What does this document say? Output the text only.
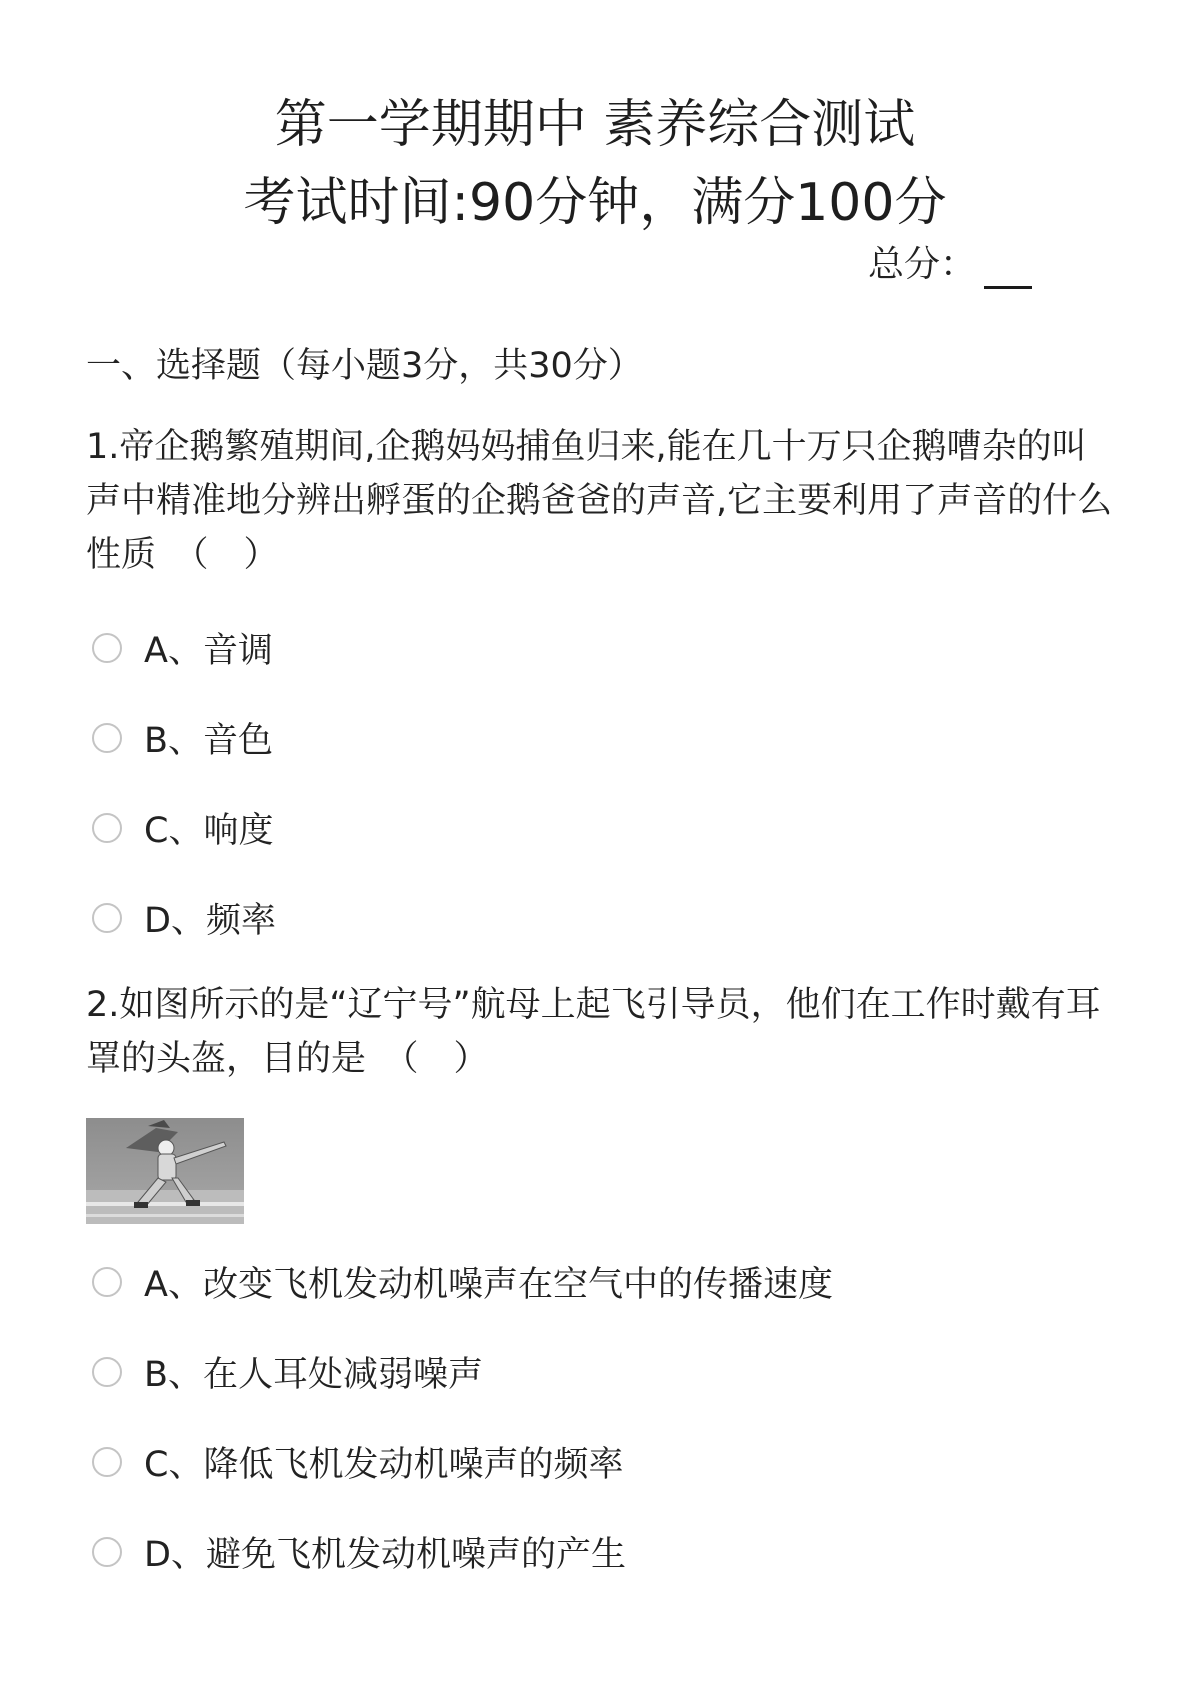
第一学期期中 素养综合测试
考试时间:90分钟，满分100分
总分：
一、选择题（每小题3分，共30分）
1.帝企鹅繁殖期间,企鹅妈妈捕鱼归来,能在几十万只企鹅嘈杂的叫声中精准地分辨出孵蛋的企鹅爸爸的声音,它主要利用了声音的什么性质　（　）
A、音调
B、音色
C、响度
D、频率
2.如图所示的是“辽宁号”航母上起飞引导员，他们在工作时戴有耳罩的头盔，目的是　（　）
A、改变飞机发动机噪声在空气中的传播速度
B、在人耳处减弱噪声
C、降低飞机发动机噪声的频率
D、避免飞机发动机噪声的产生
